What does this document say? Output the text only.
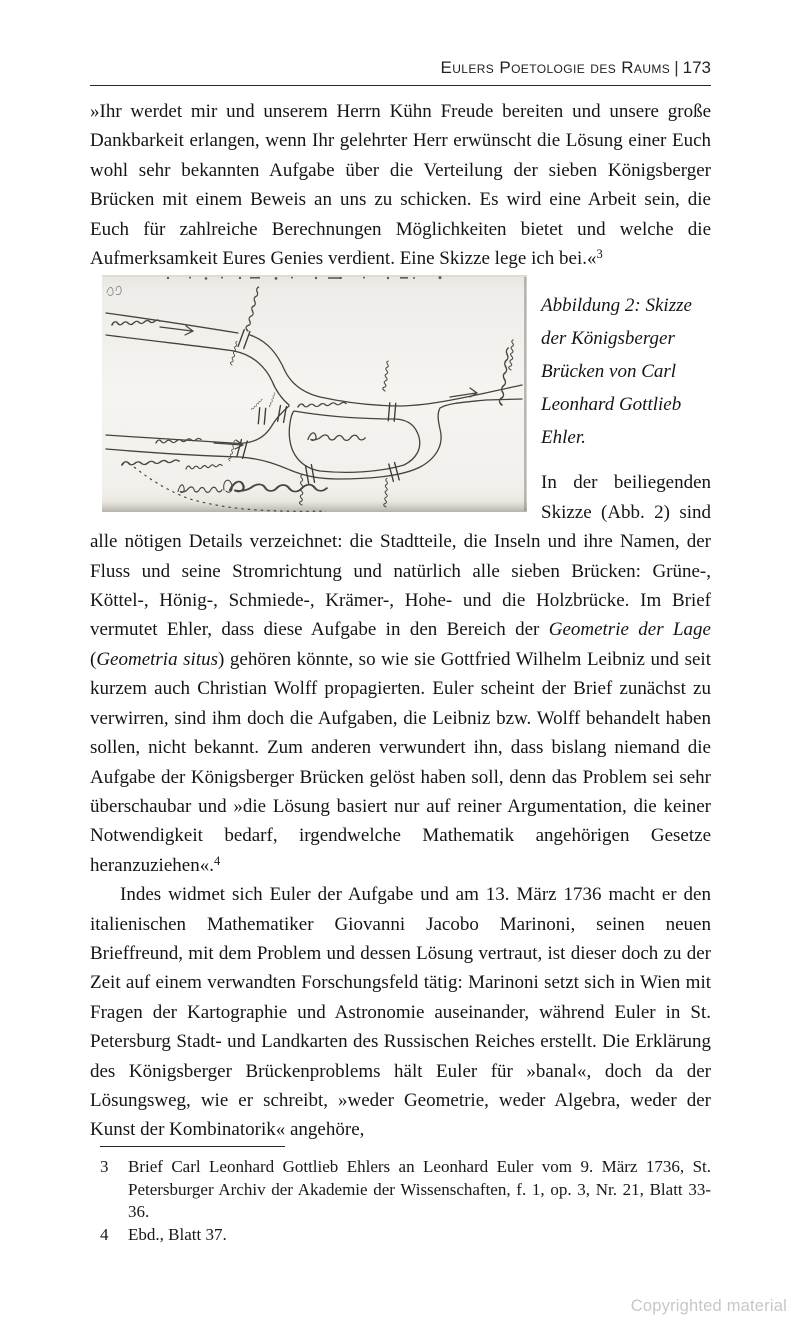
Eulers Poetologie des Raums | 173

»Ihr werdet mir und unserem Herrn Kühn Freude bereiten und unsere große Dankbarkeit erlangen, wenn Ihr gelehrter Herr erwünscht die Lösung einer Euch wohl sehr bekannten Aufgabe über die Verteilung der sieben Königsberger Brücken mit einem Beweis an uns zu schicken. Es wird eine Arbeit sein, die Euch für zahlreiche Berechnungen Möglichkeiten bietet und welche die Aufmerksamkeit Eures Genies verdient. Eine Skizze lege ich bei.«$^3$

Abbildung 2: Skizze der Königsberger Brücken von Carl Leonhard Gottlieb Ehler.

In der beiliegenden Skizze (Abb. 2) sind alle nötigen Details verzeichnet: die Stadtteile, die Inseln und ihre Namen, der Fluss und seine Stromrichtung und natürlich alle sieben Brücken: Grüne-, Köttel-, Hönig-, Schmiede-, Krämer-, Hohe- und die Holzbrücke. Im Brief vermutet Ehler, dass diese Aufgabe in den Bereich der Geometrie der Lage (Geometria situs) gehören könnte, so wie sie Gottfried Wilhelm Leibniz und seit kurzem auch Christian Wolff propagierten. Euler scheint der Brief zunächst zu verwirren, sind ihm doch die Aufgaben, die Leibniz bzw. Wolff behandelt haben sollen, nicht bekannt. Zum anderen verwundert ihn, dass bislang niemand die Aufgabe der Königsberger Brücken gelöst haben soll, denn das Problem sei sehr überschaubar und »die Lösung basiert nur auf reiner Argumentation, die keiner Notwendigkeit bedarf, irgendwelche Mathematik angehörigen Gesetze heranzuziehen«.$^4$

Indes widmet sich Euler der Aufgabe und am 13. März 1736 macht er den italienischen Mathematiker Giovanni Jacobo Marinoni, seinen neuen Brieffreund, mit dem Problem und dessen Lösung vertraut, ist dieser doch zu der Zeit auf einem verwandten Forschungsfeld tätig: Marinoni setzt sich in Wien mit Fragen der Kartographie und Astronomie auseinander, während Euler in St. Petersburg Stadt- und Landkarten des Russischen Reiches erstellt. Die Erklärung des Königsberger Brückenproblems hält Euler für »banal«, doch da der Lösungsweg, wie er schreibt, »weder Geometrie, weder Algebra, weder der Kunst der Kombinatorik« angehöre,

3	Brief Carl Leonhard Gottlieb Ehlers an Leonhard Euler vom 9. März 1736, St. Petersburger Archiv der Akademie der Wissenschaften, f. 1, op. 3, Nr. 21, Blatt 33-36.
4	Ebd., Blatt 37.
Copyrighted material
